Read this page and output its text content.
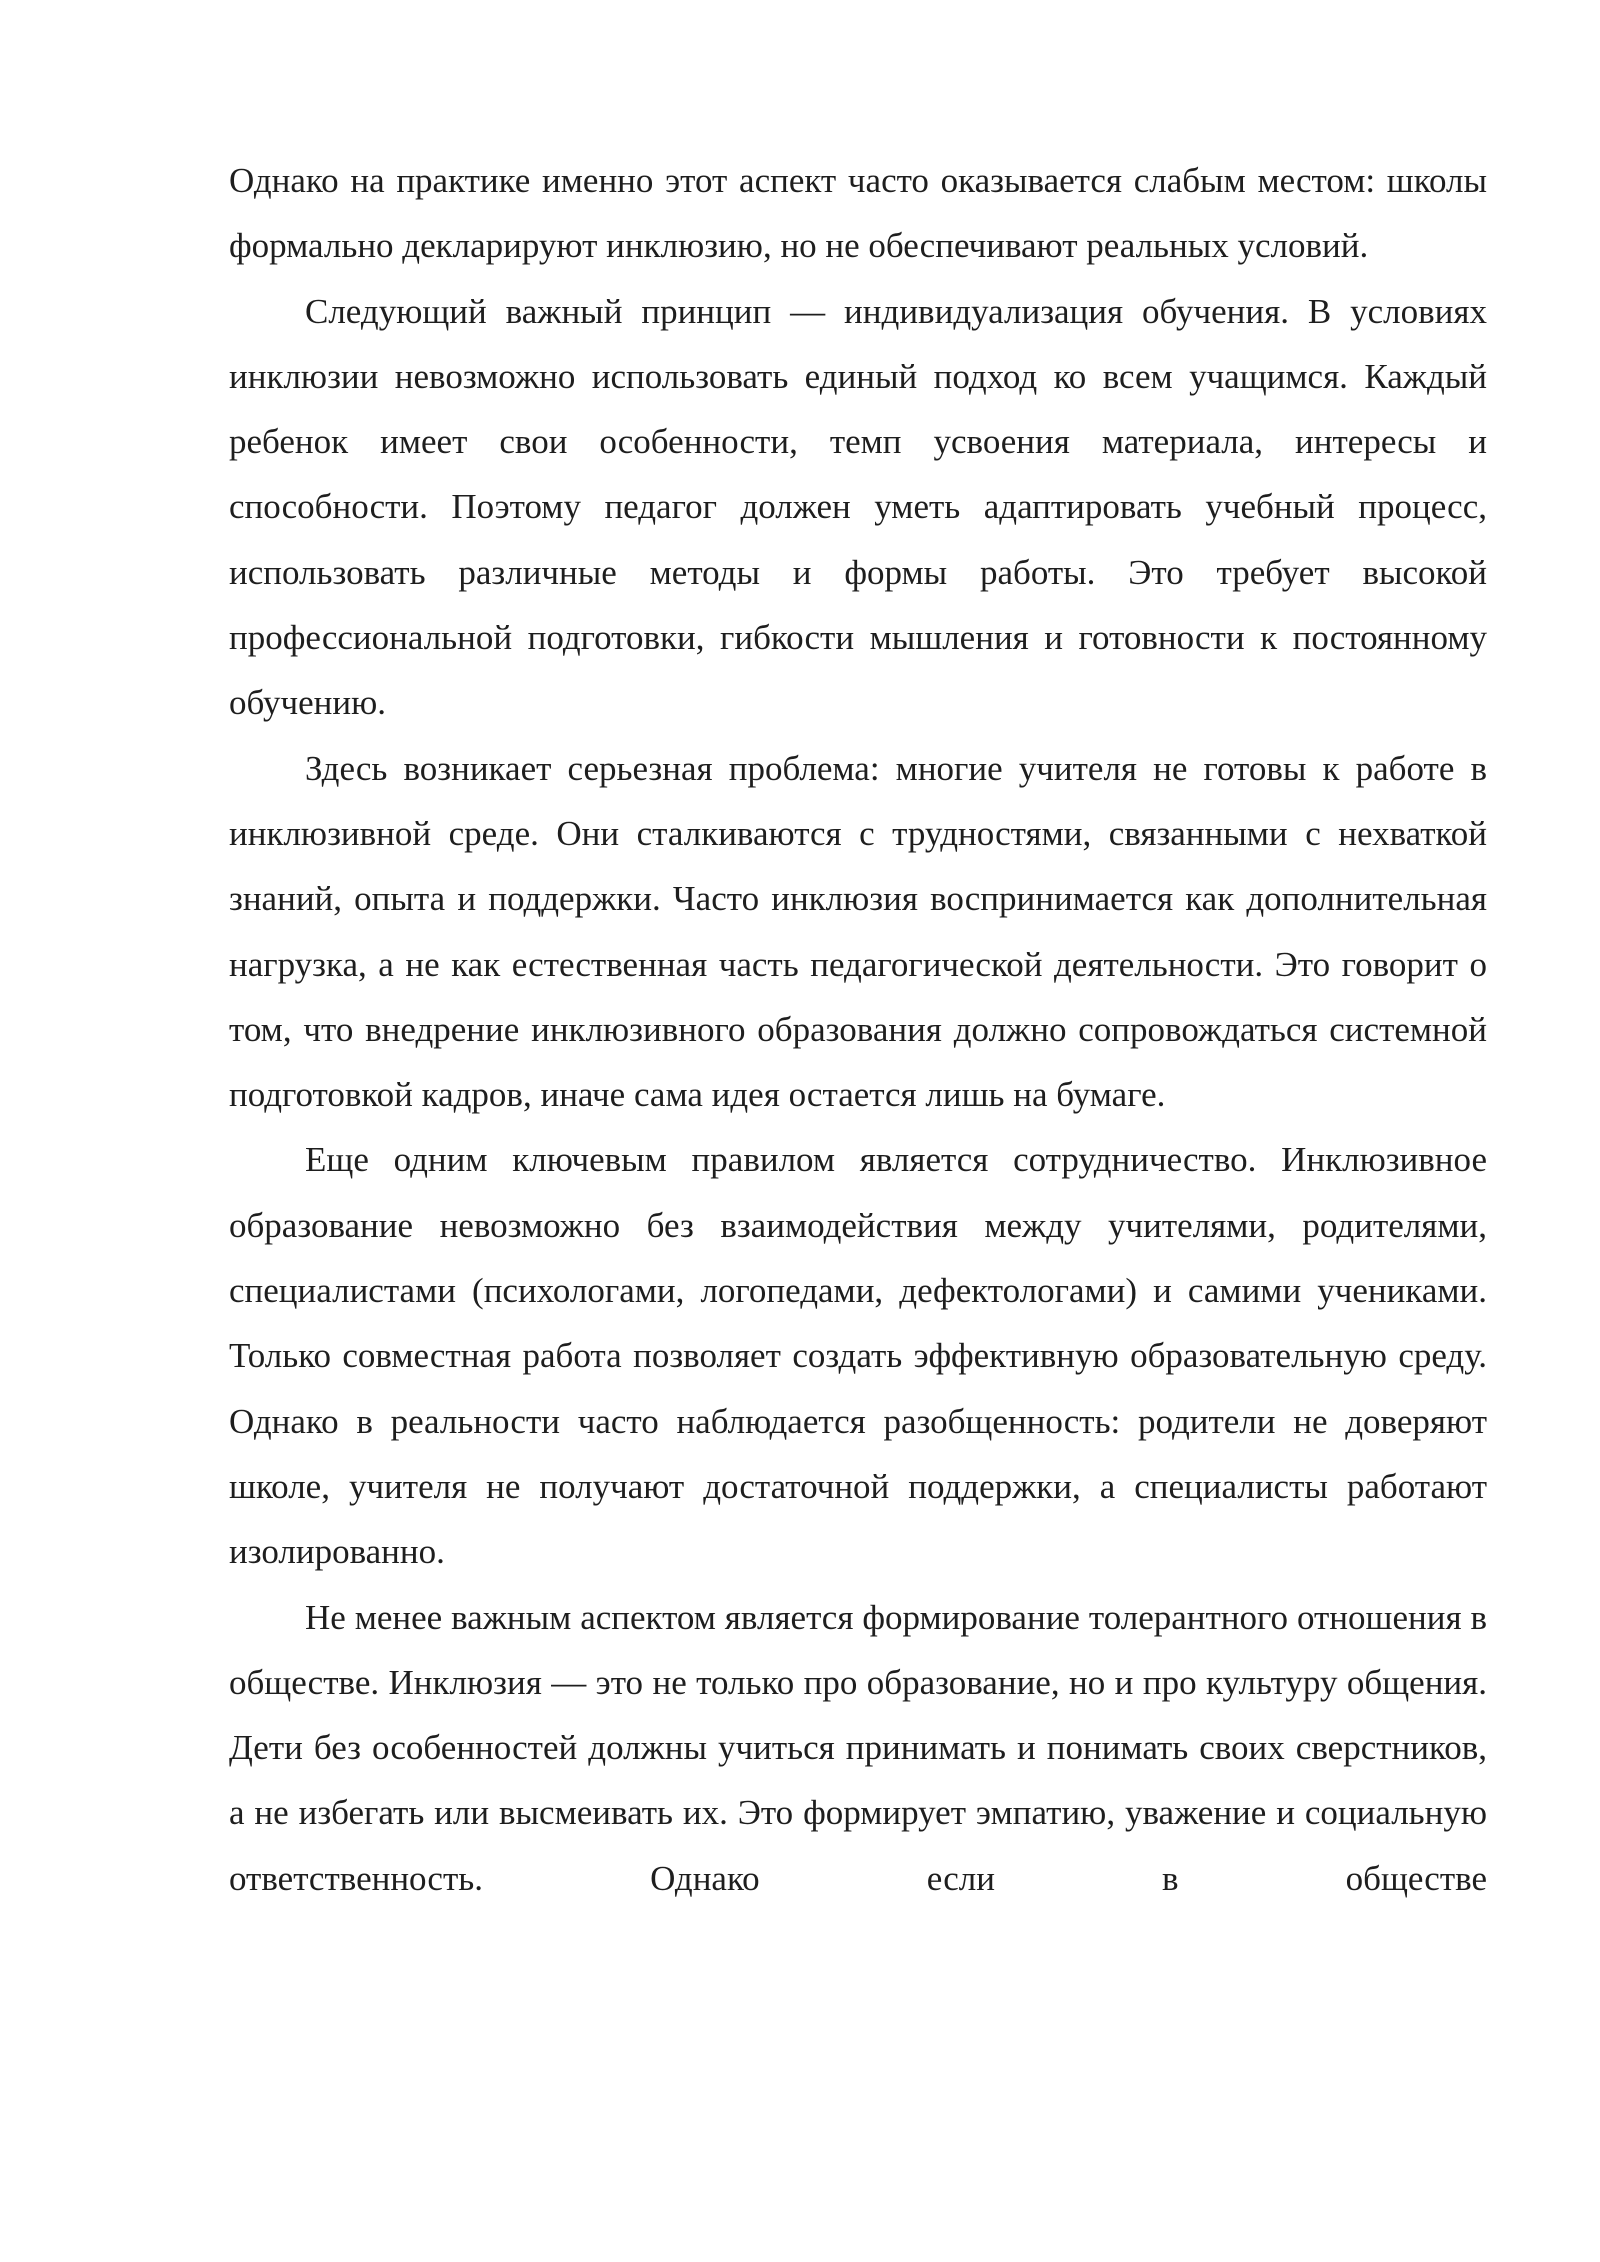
Однако на практике именно этот аспект часто оказывается слабым местом: школы формально декларируют инклюзию, но не обеспечивают реальных условий.

Следующий важный принцип — индивидуализация обучения. В условиях инклюзии невозможно использовать единый подход ко всем учащимся. Каждый ребенок имеет свои особенности, темп усвоения материала, интересы и способности. Поэтому педагог должен уметь адаптировать учебный процесс, использовать различные методы и формы работы. Это требует высокой профессиональной подготовки, гибкости мышления и готовности к постоянному обучению.

Здесь возникает серьезная проблема: многие учителя не готовы к работе в инклюзивной среде. Они сталкиваются с трудностями, связанными с нехваткой знаний, опыта и поддержки. Часто инклюзия воспринимается как дополнительная нагрузка, а не как естественная часть педагогической деятельности. Это говорит о том, что внедрение инклюзивного образования должно сопровождаться системной подготовкой кадров, иначе сама идея остается лишь на бумаге.

Еще одним ключевым правилом является сотрудничество. Инклюзивное образование невозможно без взаимодействия между учителями, родителями, специалистами (психологами, логопедами, дефектологами) и самими учениками. Только совместная работа позволяет создать эффективную образовательную среду. Однако в реальности часто наблюдается разобщенность: родители не доверяют школе, учителя не получают достаточной поддержки, а специалисты работают изолированно.

Не менее важным аспектом является формирование толерантного отношения в обществе. Инклюзия — это не только про образование, но и про культуру общения. Дети без особенностей должны учиться принимать и понимать своих сверстников, а не избегать или высмеивать их. Это формирует эмпатию, уважение и социальную ответственность. Однако если в обществе
